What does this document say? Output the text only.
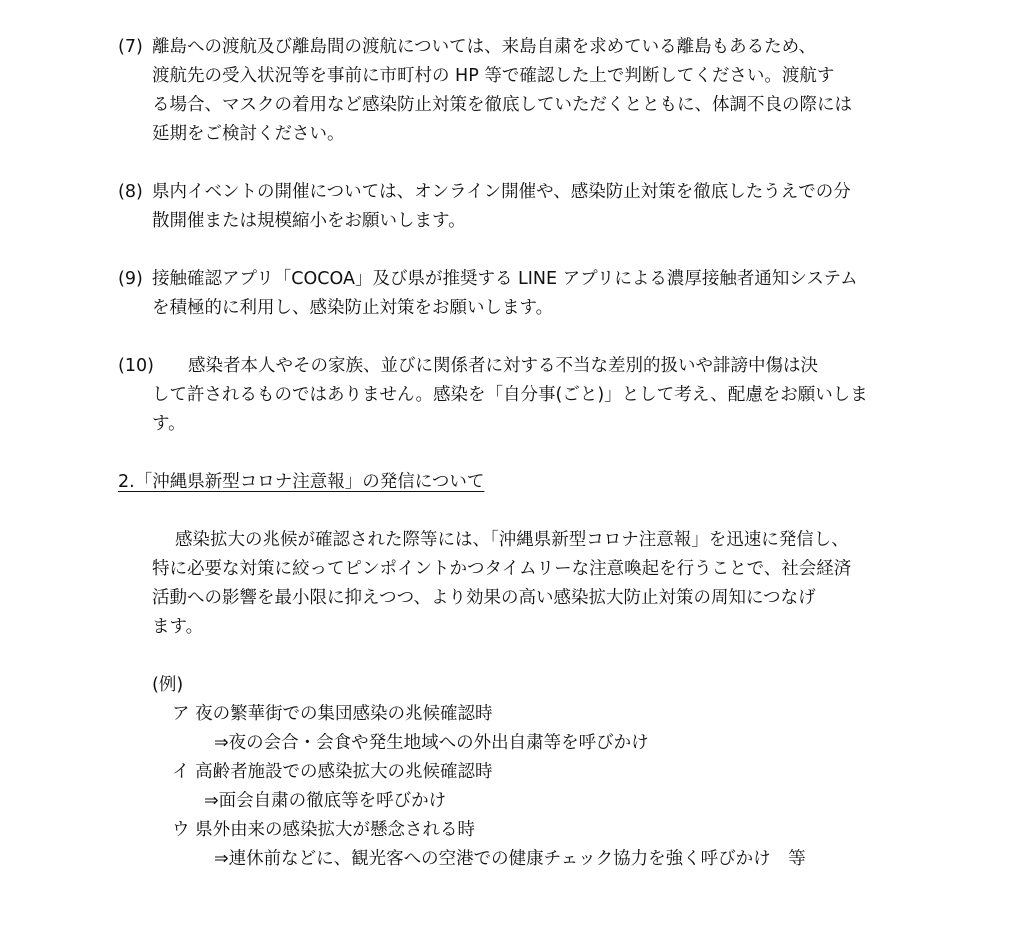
(7) 離島への渡航及び離島間の渡航については、来島自粛を求めている離島もあるため、
渡航先の受入状況等を事前に市町村の HP 等で確認した上で判断してください。渡航す
る場合、マスクの着用など感染防止対策を徹底していただくとともに、体調不良の際には
延期をご検討ください。
(8) 県内イベントの開催については、オンライン開催や、感染防止対策を徹底したうえでの分
散開催または規模縮小をお願いします。
(9) 接触確認アプリ「COCOA」及び県が推奨する LINE アプリによる濃厚接触者通知システム
を積極的に利用し、感染防止対策をお願いします。
(10) 感染者本人やその家族、並びに関係者に対する不当な差別的扱いや誹謗中傷は決
して許されるものではありません。感染を「自分事(ごと)」として考え、配慮をお願いしま
す。
2.「沖縄県新型コロナ注意報」の発信について
感染拡大の兆候が確認された際等には、「沖縄県新型コロナ注意報」を迅速に発信し、
特に必要な対策に絞ってピンポイントかつタイムリーな注意喚起を行うことで、社会経済
活動への影響を最小限に抑えつつ、より効果の高い感染拡大防止対策の周知につなげ
ます。
(例)
ア 夜の繁華街での集団感染の兆候確認時
⇒夜の会合・会食や発生地域への外出自粛等を呼びかけ
イ 高齢者施設での感染拡大の兆候確認時
⇒面会自粛の徹底等を呼びかけ
ウ 県外由来の感染拡大が懸念される時
⇒連休前などに、観光客への空港での健康チェック協力を強く呼びかけ　等
